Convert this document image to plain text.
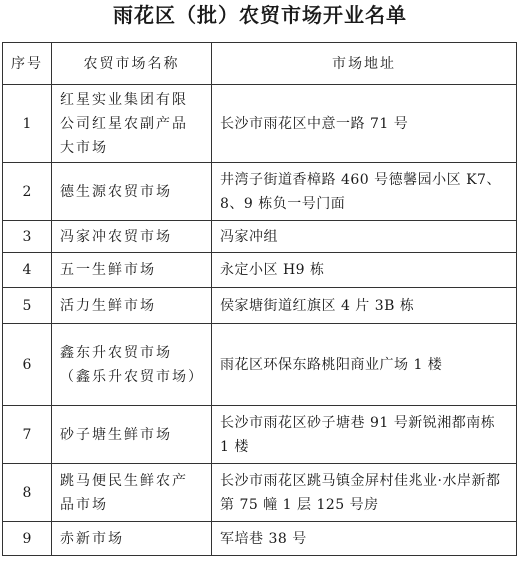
雨花区（批）农贸市场开业名单
序号	农贸市场名称	市场地址
1	红星实业集团有限公司红星农副产品大市场	长沙市雨花区中意一路 71 号
2	德生源农贸市场	井湾子街道香樟路 460 号德馨园小区 K7、8、9 栋负一号门面
3	冯家冲农贸市场	冯家冲组
4	五一生鲜市场	永定小区 H9 栋
5	活力生鲜市场	侯家塘街道红旗区 4 片 3B 栋
6	鑫东升农贸市场（鑫乐升农贸市场）	雨花区环保东路桃阳商业广场 1 楼
7	砂子塘生鲜市场	长沙市雨花区砂子塘巷 91 号新锐湘都南栋 1 楼
8	跳马便民生鲜农产品市场	长沙市雨花区跳马镇金屏村佳兆业·水岸新都第 75 幢 1 层 125 号房
9	赤新市场	军培巷 38 号
